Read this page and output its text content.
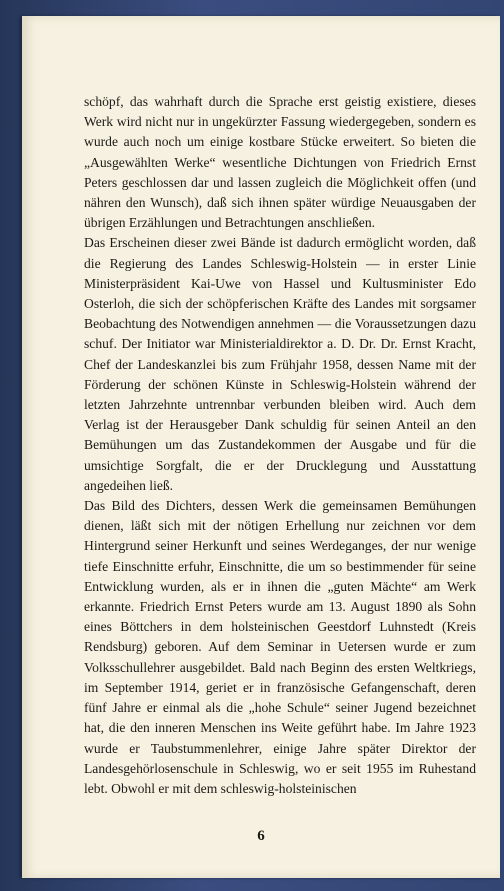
schöpf, das wahrhaft durch die Sprache erst geistig existiere, dieses Werk wird nicht nur in ungekürzter Fassung wiedergegeben, sondern es wurde auch noch um einige kostbare Stücke erweitert. So bieten die „Ausgewählten Werke“ wesentliche Dichtungen von Friedrich Ernst Peters geschlossen dar und lassen zugleich die Möglichkeit offen (und nähren den Wunsch), daß sich ihnen später würdige Neuausgaben der übrigen Erzählungen und Betrachtungen anschließen.

Das Erscheinen dieser zwei Bände ist dadurch ermöglicht worden, daß die Regierung des Landes Schleswig-Holstein — in erster Linie Ministerpräsident Kai-Uwe von Hassel und Kultusminister Edo Osterloh, die sich der schöpferischen Kräfte des Landes mit sorgsamer Beobachtung des Notwendigen annehmen — die Voraussetzungen dazu schuf. Der Initiator war Ministerialdirektor a. D. Dr. Dr. Ernst Kracht, Chef der Landeskanzlei bis zum Frühjahr 1958, dessen Name mit der Förderung der schönen Künste in Schleswig-Holstein während der letzten Jahrzehnte untrennbar verbunden bleiben wird. Auch dem Verlag ist der Herausgeber Dank schuldig für seinen Anteil an den Bemühungen um das Zustandekommen der Ausgabe und für die umsichtige Sorgfalt, die er der Drucklegung und Ausstattung angedeihen ließ.

Das Bild des Dichters, dessen Werk die gemeinsamen Bemühungen dienen, läßt sich mit der nötigen Erhellung nur zeichnen vor dem Hintergrund seiner Herkunft und seines Werdeganges, der nur wenige tiefe Einschnitte erfuhr, Einschnitte, die um so bestimmender für seine Entwicklung wurden, als er in ihnen die „guten Mächte“ am Werk erkannte. Friedrich Ernst Peters wurde am 13. August 1890 als Sohn eines Böttchers in dem holsteinischen Geestdorf Luhnstedt (Kreis Rendsburg) geboren. Auf dem Seminar in Uetersen wurde er zum Volksschullehrer ausgebildet. Bald nach Beginn des ersten Weltkriegs, im September 1914, geriet er in französische Gefangenschaft, deren fünf Jahre er einmal als die „hohe Schule“ seiner Jugend bezeichnet hat, die den inneren Menschen ins Weite geführt habe. Im Jahre 1923 wurde er Taubstummenlehrer, einige Jahre später Direktor der Landesgehörlosenschule in Schleswig, wo er seit 1955 im Ruhestand lebt. Obwohl er mit dem schleswig-holsteinischen

6
